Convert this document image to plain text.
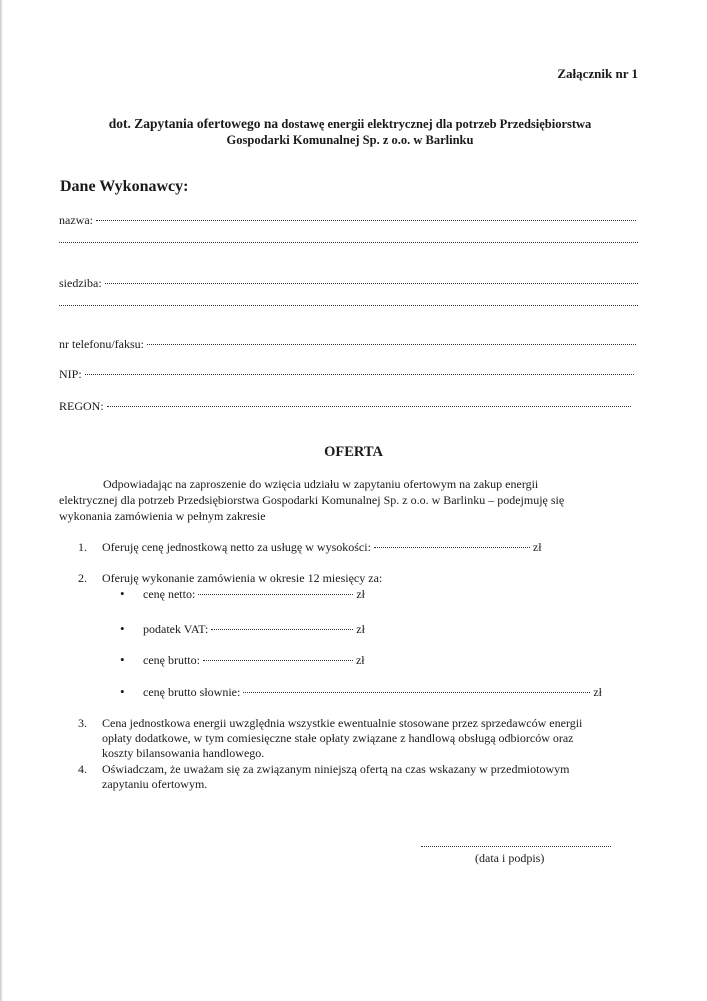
Załącznik nr 1
dot. Zapytania ofertowego na dostawę energii elektrycznej dla potrzeb Przedsiębiorstwa
Gospodarki Komunalnej Sp. z o.o. w Barlinku
Dane Wykonawcy:
nazwa:
siedziba:
nr telefonu/faksu:
NIP:
REGON:
OFERTA
Odpowiadając na zaproszenie do wzięcia udziału w zapytaniu ofertowym na zakup energii
elektrycznej dla potrzeb Przedsiębiorstwa Gospodarki Komunalnej Sp. z o.o. w Barlinku – podejmuję się
wykonania zamówienia w pełnym zakresie
1.	Oferuję cenę jednostkową netto za usługę w wysokości:	zł
2.	Oferuję wykonanie zamówienia w okresie 12 miesięcy za:
•	cenę netto:	zł
•	podatek VAT:	zł
•	cenę brutto:	zł
•	cenę brutto słownie:	zł
3.	Cena jednostkowa energii uwzględnia wszystkie ewentualnie stosowane przez sprzedawców energii
opłaty dodatkowe, w tym comiesięczne stałe opłaty związane z handlową obsługą odbiorców oraz
koszty bilansowania handlowego.
4.	Oświadczam, że uważam się za związanym niniejszą ofertą na czas wskazany w przedmiotowym
zapytaniu ofertowym.
(data i podpis)
